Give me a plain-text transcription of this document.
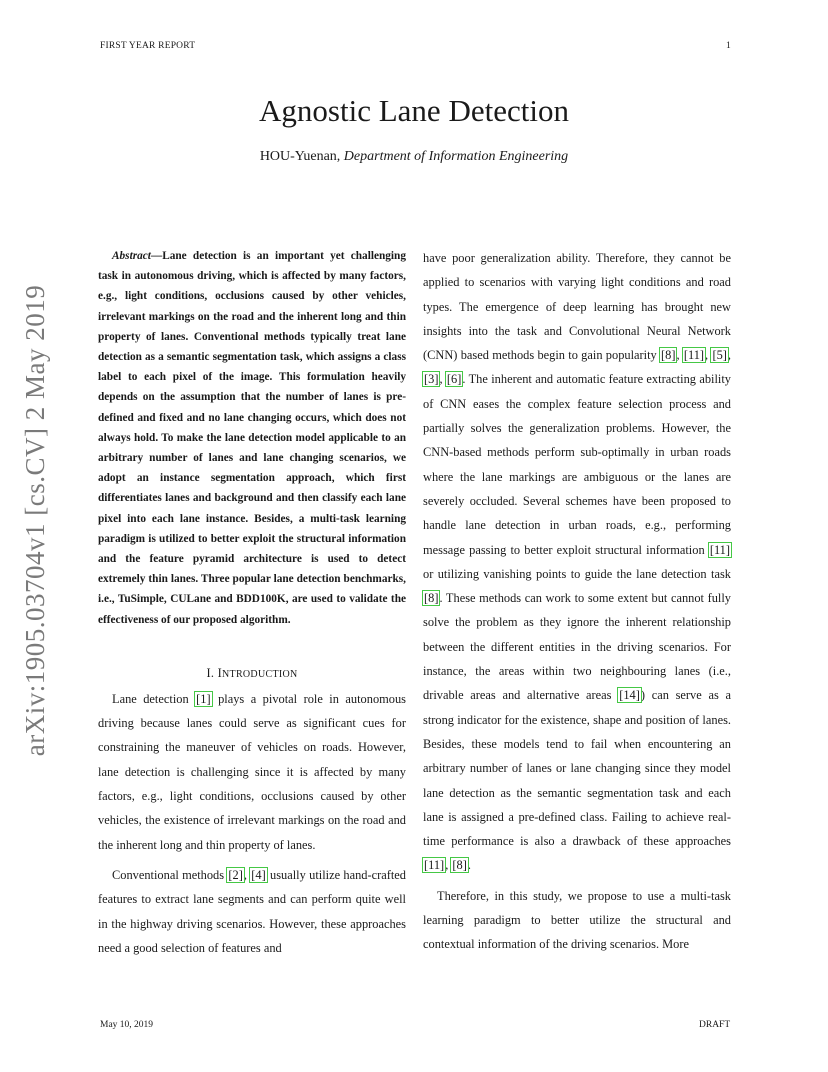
FIRST YEAR REPORT	1
Agnostic Lane Detection
HOU-Yuenan, Department of Information Engineering
arXiv:1905.03704v1 [cs.CV] 2 May 2019

Abstract—Lane detection is an important yet challenging task in autonomous driving, which is affected by many factors, e.g., light conditions, occlusions caused by other vehicles, irrelevant markings on the road and the inherent long and thin property of lanes. Conventional methods typically treat lane detection as a semantic segmentation task, which assigns a class label to each pixel of the image. This formulation heavily depends on the assumption that the number of lanes is pre-defined and fixed and no lane changing occurs, which does not always hold. To make the lane detection model applicable to an arbitrary number of lanes and lane changing scenarios, we adopt an instance segmentation approach, which first differentiates lanes and background and then classify each lane pixel into each lane instance. Besides, a multi-task learning paradigm is utilized to better exploit the structural information and the feature pyramid architecture is used to detect extremely thin lanes. Three popular lane detection benchmarks, i.e., TuSimple, CULane and BDD100K, are used to validate the effectiveness of our proposed algorithm.

I. INTRODUCTION

Lane detection [1] plays a pivotal role in autonomous driving because lanes could serve as significant cues for constraining the maneuver of vehicles on roads. However, lane detection is challenging since it is affected by many factors, e.g., light conditions, occlusions caused by other vehicles, the existence of irrelevant markings on the road and the inherent long and thin property of lanes.

Conventional methods [2], [4] usually utilize hand-crafted features to extract lane segments and can perform quite well in the highway driving scenarios. However, these approaches need a good selection of features and

have poor generalization ability. Therefore, they cannot be applied to scenarios with varying light conditions and road types. The emergence of deep learning has brought new insights into the task and Convolutional Neural Network (CNN) based methods begin to gain popularity [8], [11], [5], [3], [6]. The inherent and automatic feature extracting ability of CNN eases the complex feature selection process and partially solves the generalization problems. However, the CNN-based methods perform sub-optimally in urban roads where the lane markings are ambiguous or the lanes are severely occluded. Several schemes have been proposed to handle lane detection in urban roads, e.g., performing message passing to better exploit structural information [11] or utilizing vanishing points to guide the lane detection task [8]. These methods can work to some extent but cannot fully solve the problem as they ignore the inherent relationship between the different entities in the driving scenarios. For instance, the areas within two neighbouring lanes (i.e., drivable areas and alternative areas [14]) can serve as a strong indicator for the existence, shape and position of lanes. Besides, these models tend to fail when encountering an arbitrary number of lanes or lane changing since they model lane detection as the semantic segmentation task and each lane is assigned a pre-defined class. Failing to achieve real-time performance is also a drawback of these approaches [11], [8].

Therefore, in this study, we propose to use a multi-task learning paradigm to better utilize the structural and contextual information of the driving scenarios. More

May 10, 2019	DRAFT
